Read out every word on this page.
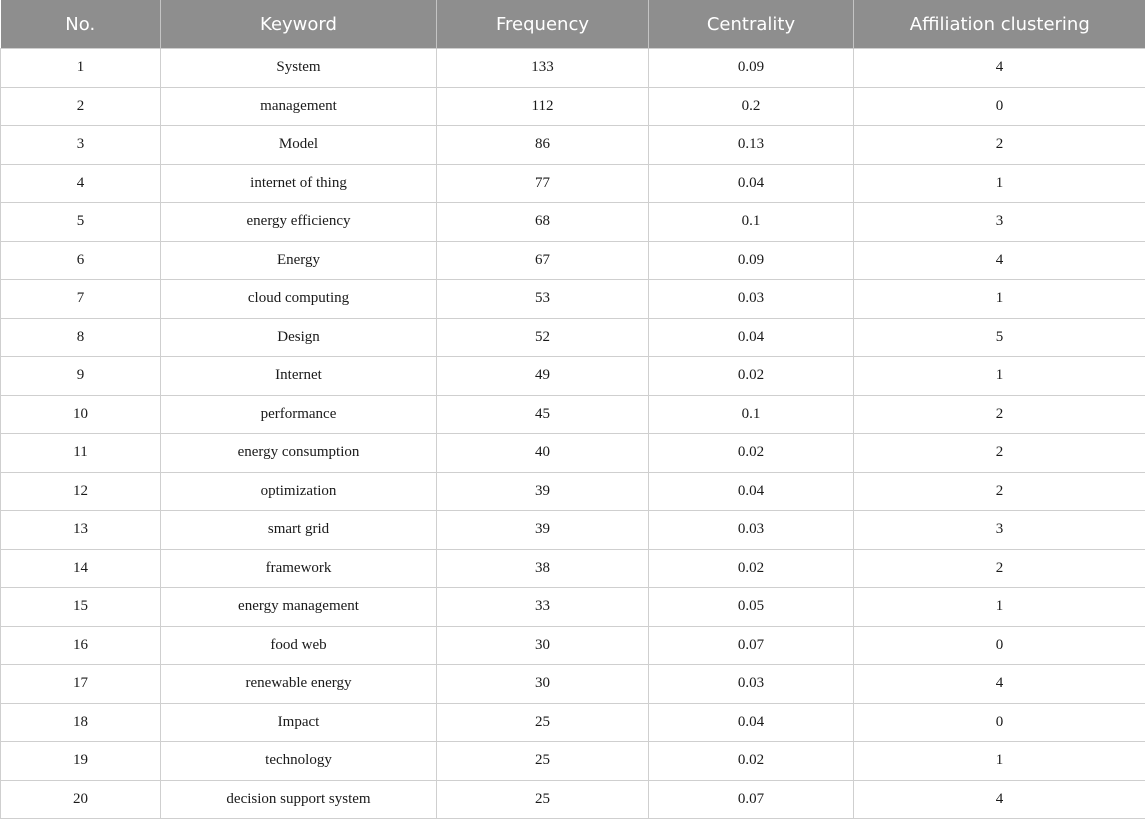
No.	Keyword	Frequency	Centrality	Affiliation clustering
1	System	133	0.09	4
2	management	112	0.2	0
3	Model	86	0.13	2
4	internet of thing	77	0.04	1
5	energy efficiency	68	0.1	3
6	Energy	67	0.09	4
7	cloud computing	53	0.03	1
8	Design	52	0.04	5
9	Internet	49	0.02	1
10	performance	45	0.1	2
11	energy consumption	40	0.02	2
12	optimization	39	0.04	2
13	smart grid	39	0.03	3
14	framework	38	0.02	2
15	energy management	33	0.05	1
16	food web	30	0.07	0
17	renewable energy	30	0.03	4
18	Impact	25	0.04	0
19	technology	25	0.02	1
20	decision support system	25	0.07	4
